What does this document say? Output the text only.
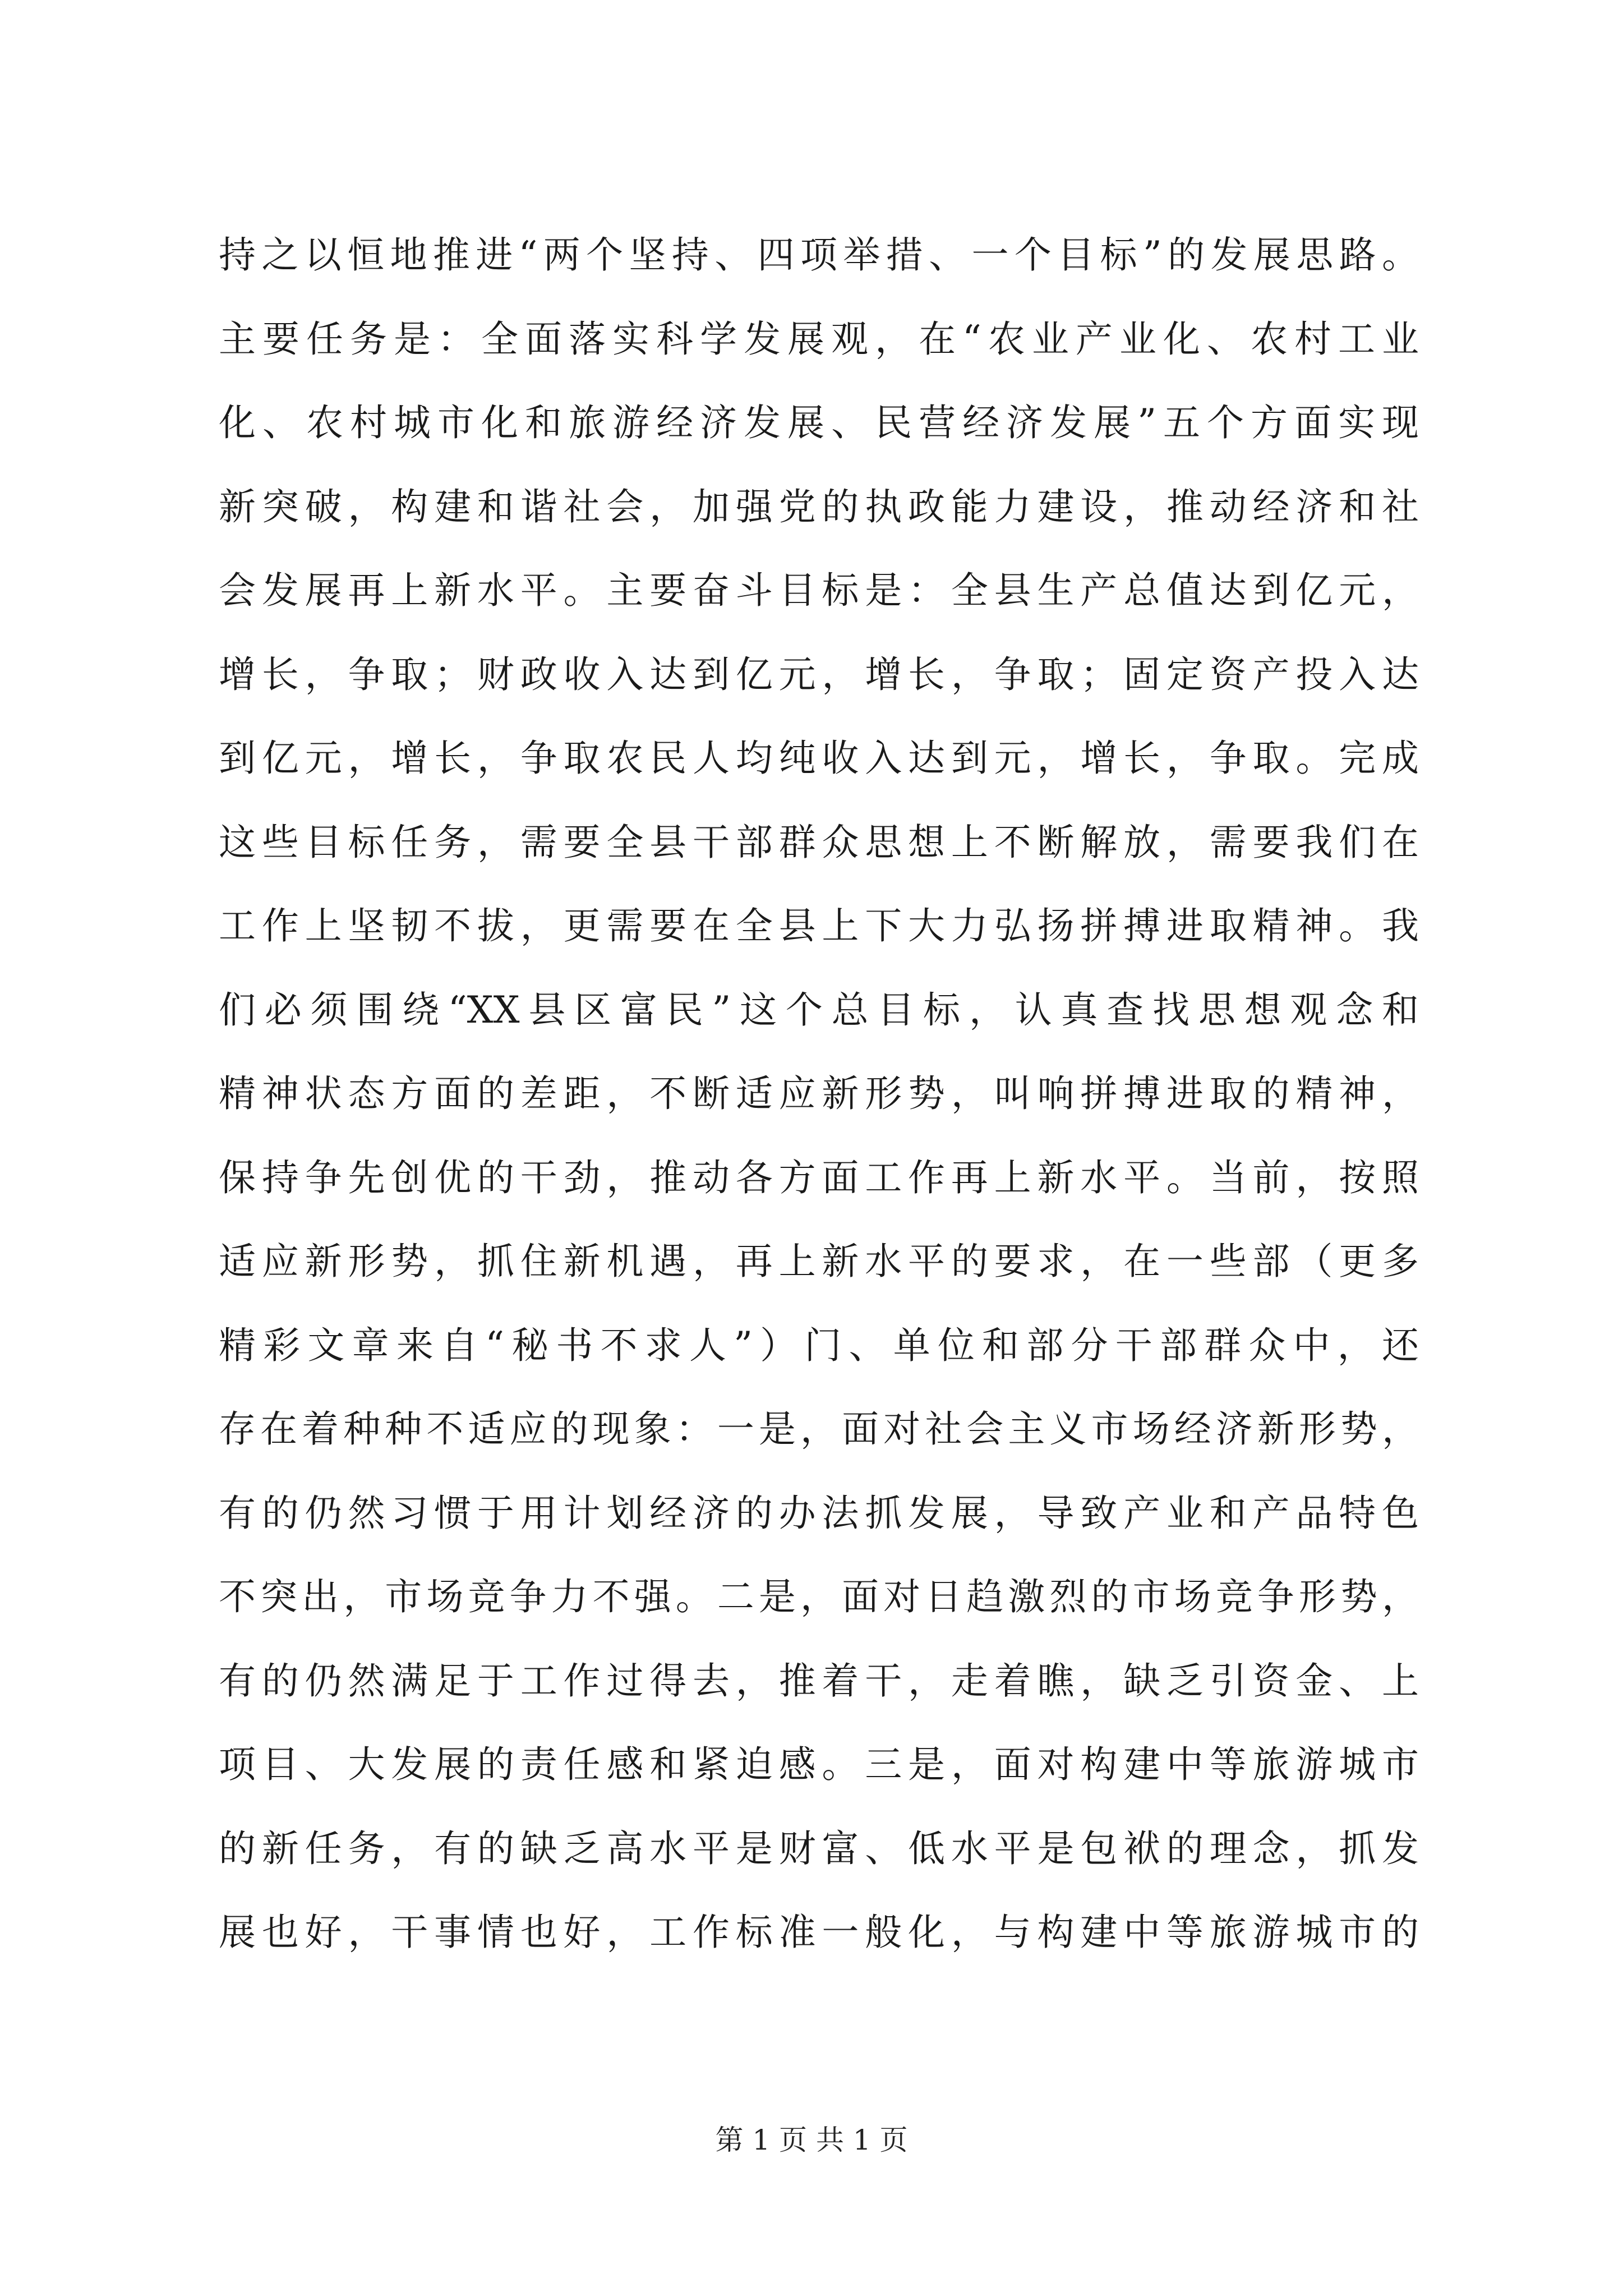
持之以恒地推进“两个坚持、四项举措、一个目标”的发展思路。
主要任务是：全面落实科学发展观，在“农业产业化、农村工业
化、农村城市化和旅游经济发展、民营经济发展”五个方面实现
新突破，构建和谐社会，加强党的执政能力建设，推动经济和社
会发展再上新水平。主要奋斗目标是：全县生产总值达到亿元，
增长，争取；财政收入达到亿元，增长，争取；固定资产投入达
到亿元，增长，争取农民人均纯收入达到元，增长，争取。完成
这些目标任务，需要全县干部群众思想上不断解放，需要我们在
工作上坚韧不拔，更需要在全县上下大力弘扬拼搏进取精神。我
们必须围绕“XX县区富民”这个总目标，认真查找思想观念和
精神状态方面的差距，不断适应新形势，叫响拼搏进取的精神，
保持争先创优的干劲，推动各方面工作再上新水平。当前，按照
适应新形势，抓住新机遇，再上新水平的要求，在一些部（更多
精彩文章来自“秘书不求人”）门、单位和部分干部群众中，还
存在着种种不适应的现象：一是，面对社会主义市场经济新形势，
有的仍然习惯于用计划经济的办法抓发展，导致产业和产品特色
不突出，市场竞争力不强。二是，面对日趋激烈的市场竞争形势，
有的仍然满足于工作过得去，推着干，走着瞧，缺乏引资金、上
项目、大发展的责任感和紧迫感。三是，面对构建中等旅游城市
的新任务，有的缺乏高水平是财富、低水平是包袱的理念，抓发
展也好，干事情也好，工作标准一般化，与构建中等旅游城市的
第 1 页 共 1 页
